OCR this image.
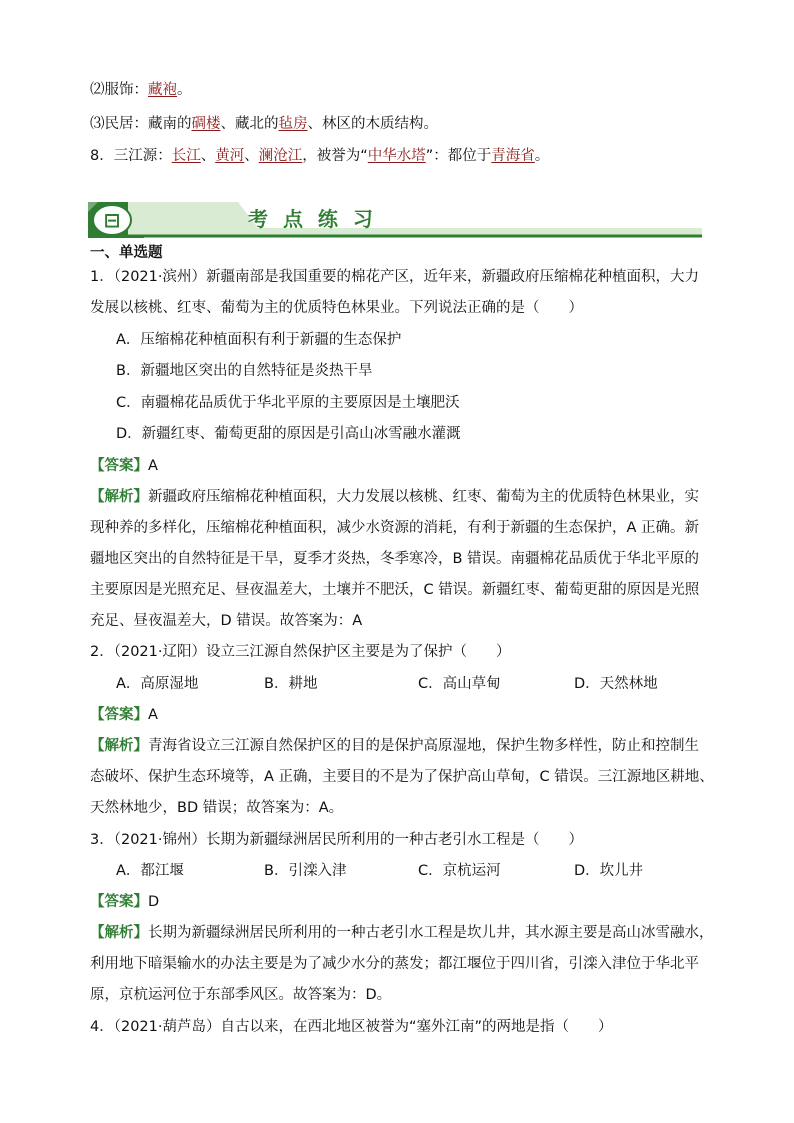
⑵服饰：藏袍。
⑶民居：藏南的碉楼、藏北的毡房、林区的木质结构。
8．三江源：长江、黄河、澜沧江，被誉为“中华水塔”：都位于青海省。
⊟	考 点 练 习
一、单选题
1．（2021·滨州）新疆南部是我国重要的棉花产区，近年来，新疆政府压缩棉花种植面积，大力
发展以核桃、红枣、葡萄为主的优质特色林果业。下列说法正确的是（　　）
A．压缩棉花种植面积有利于新疆的生态保护
B．新疆地区突出的自然特征是炎热干旱
C．南疆棉花品质优于华北平原的主要原因是土壤肥沃
D．新疆红枣、葡萄更甜的原因是引高山冰雪融水灌溉
【答案】A
【解析】新疆政府压缩棉花种植面积，大力发展以核桃、红枣、葡萄为主的优质特色林果业，实
现种养的多样化，压缩棉花种植面积，减少水资源的消耗，有利于新疆的生态保护，A 正确。新
疆地区突出的自然特征是干旱，夏季才炎热，冬季寒冷，B 错误。南疆棉花品质优于华北平原的
主要原因是光照充足、昼夜温差大，土壤并不肥沃，C 错误。新疆红枣、葡萄更甜的原因是光照
充足、昼夜温差大，D 错误。故答案为：A
2．（2021·辽阳）设立三江源自然保护区主要是为了保护（　　）
A．高原湿地	B．耕地	C．高山草甸	D．天然林地
【答案】A
【解析】青海省设立三江源自然保护区的目的是保护高原湿地，保护生物多样性，防止和控制生
态破坏、保护生态环境等，A 正确，主要目的不是为了保护高山草甸，C 错误。三江源地区耕地、
天然林地少，BD 错误；故答案为：A。
3．（2021·锦州）长期为新疆绿洲居民所利用的一种古老引水工程是（　　）
A．都江堰	B．引滦入津	C．京杭运河	D．坎儿井
【答案】D
【解析】长期为新疆绿洲居民所利用的一种古老引水工程是坎儿井，其水源主要是高山冰雪融水，
利用地下暗渠输水的办法主要是为了减少水分的蒸发；都江堰位于四川省，引滦入津位于华北平
原，京杭运河位于东部季风区。故答案为：D。
4．（2021·葫芦岛）自古以来，在西北地区被誉为“塞外江南”的两地是指（　　）
